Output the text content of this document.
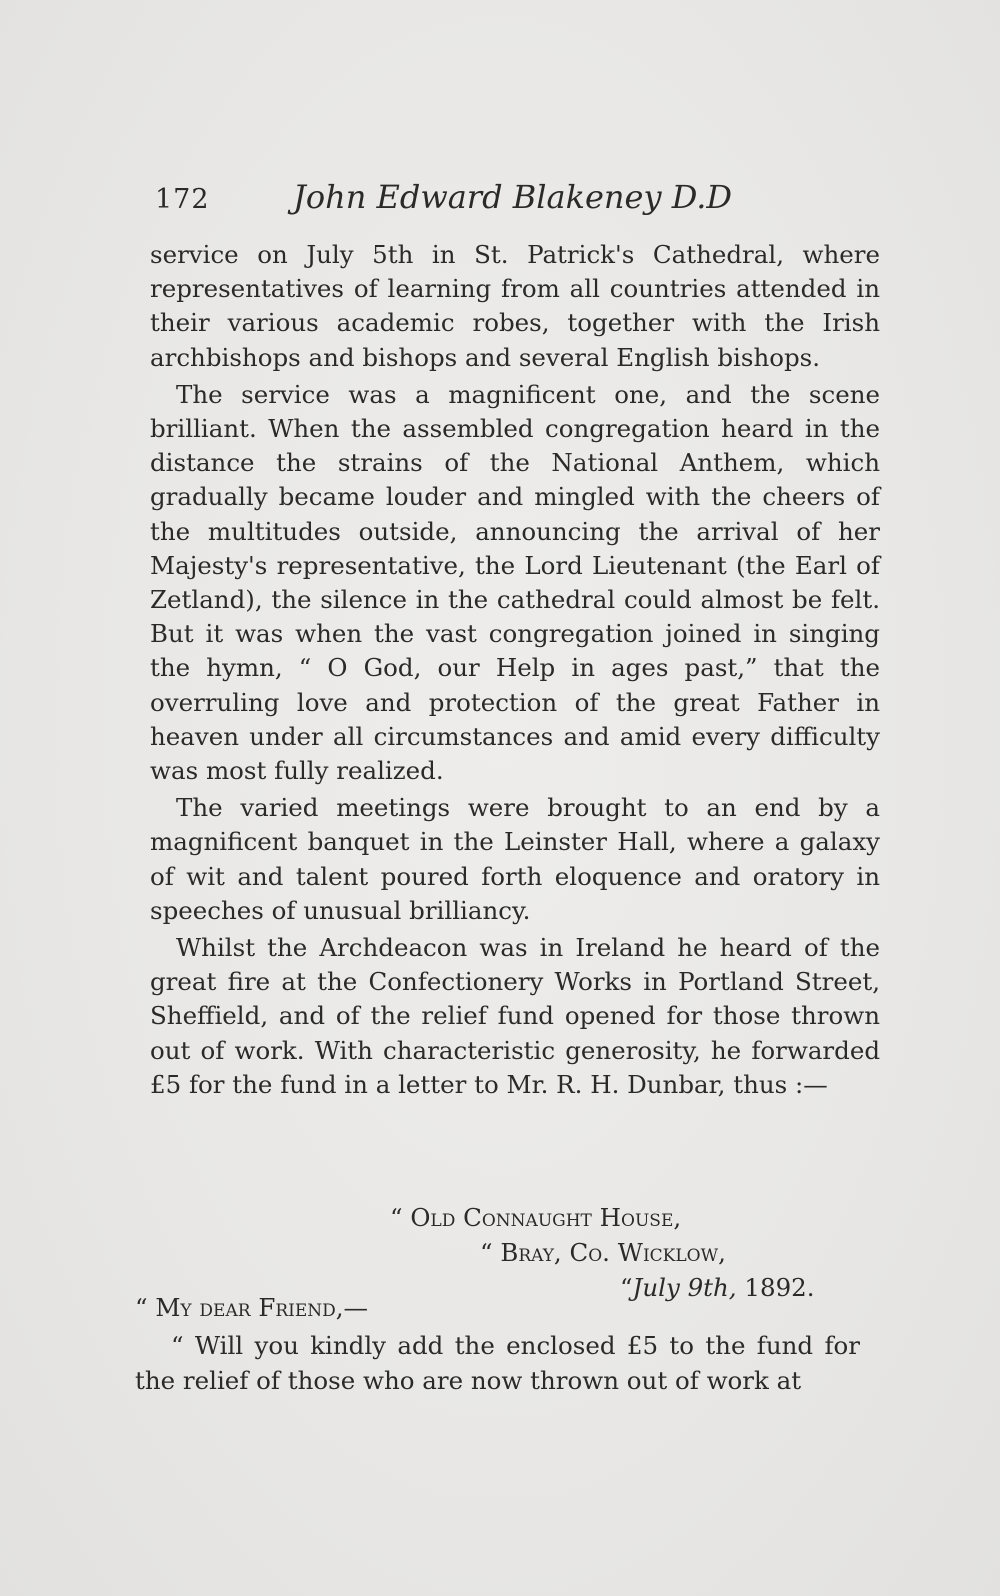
172	John Edward Blakeney D.D

service on July 5th in St. Patrick's Cathedral, where representatives of learning from all countries attended in their various academic robes, together with the Irish archbishops and bishops and several English bishops.

The service was a magnificent one, and the scene brilliant. When the assembled congregation heard in the distance the strains of the National Anthem, which gradually became louder and mingled with the cheers of the multitudes outside, announcing the arrival of her Majesty's representative, the Lord Lieutenant (the Earl of Zetland), the silence in the cathedral could almost be felt. But it was when the vast congregation joined in singing the hymn, “ O God, our Help in ages past,” that the overruling love and protection of the great Father in heaven under all circumstances and amid every difficulty was most fully realized.

The varied meetings were brought to an end by a magnificent banquet in the Leinster Hall, where a galaxy of wit and talent poured forth eloquence and oratory in speeches of unusual brilliancy.

Whilst the Archdeacon was in Ireland he heard of the great fire at the Confectionery Works in Portland Street, Sheffield, and of the relief fund opened for those thrown out of work. With characteristic generosity, he forwarded £5 for the fund in a letter to Mr. R. H. Dunbar, thus :—

“ Old Connaught House,
“ Bray, Co. Wicklow,
“July 9th, 1892.
“ My dear Friend,—
“ Will you kindly add the enclosed £5 to the fund for the relief of those who are now thrown out of work at
